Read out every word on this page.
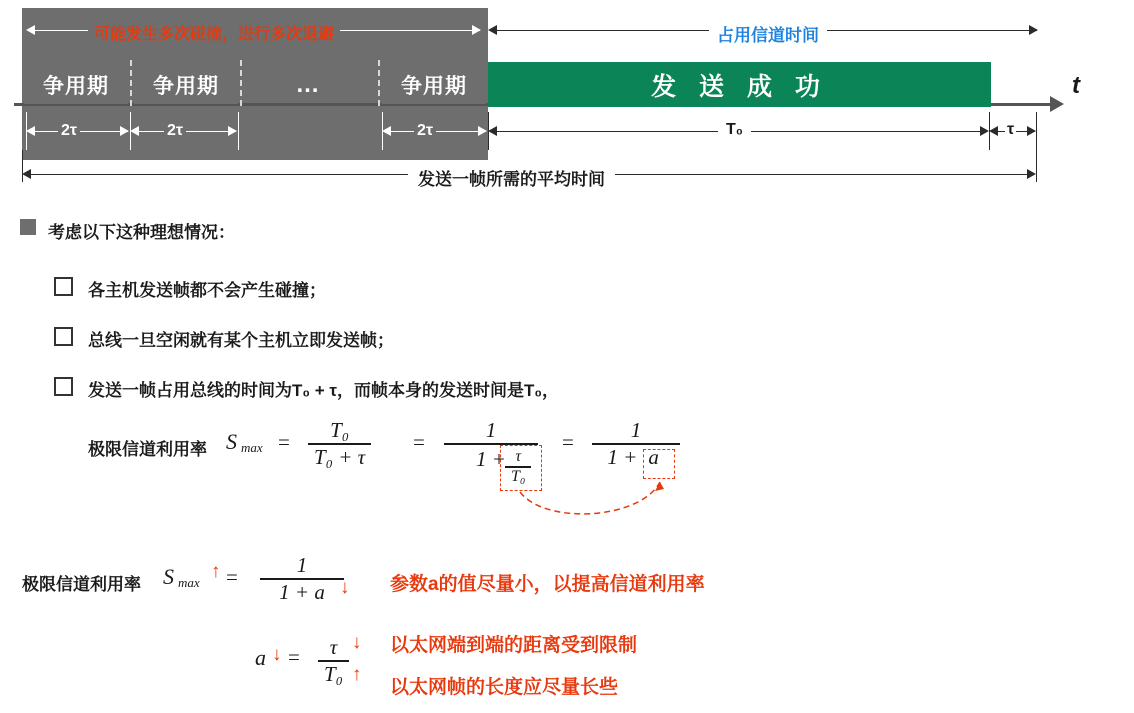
可能发生多次碰撞，进行多次退避	占用信道时间
t
争用期	争用期	…	争用期	发 送 成 功
2τ	2τ	2τ	T₀	τ
发送一帧所需的平均时间
考虑以下这种理想情况：
各主机发送帧都不会产生碰撞；
总线一旦空闲就有某个主机立即发送帧；
发送一帧占用总线的时间为T₀ + τ，而帧本身的发送时间是T₀，
极限信道利用率 S $\max = \frac{\text{T₀}}{\text{T₀ + τ}} = \frac{1}{1 +}$
$\frac{\tau}{\text{T₀}}$
= $\frac{1}{1 + a}$
极限信道利用率 S max
↑ = $\frac{1}{1 + a}$
↓ 参数a的值尽量小，以提高信道利用率
a ↓ = $\frac{\tau}{\text{T₀}}$ ↓
↑
以太网端到端的距离受到限制
以太网帧的长度应尽量长些
